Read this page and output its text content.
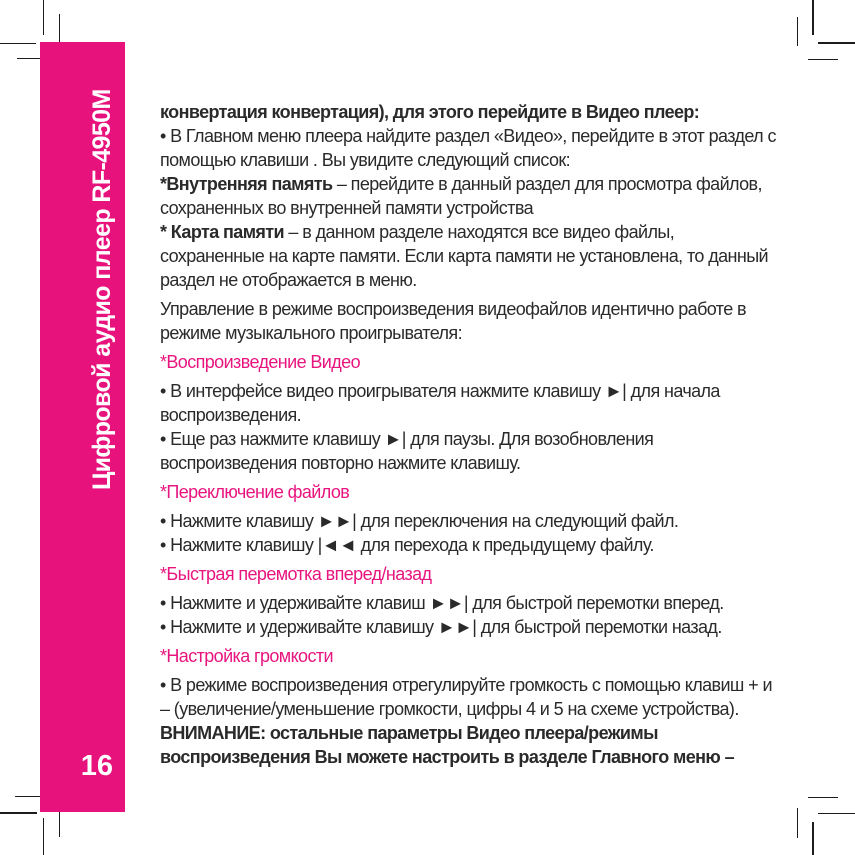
Цифровой аудио плеер RF-4950M
16
конвертация конвертация), для этого перейдите в Видео плеер:
• В Главном меню плеера найдите раздел «Видео», перейдите в этот раздел с
помощью клавиши . Вы увидите следующий список:
*Внутренняя память – перейдите в данный раздел для просмотра файлов,
сохраненных во внутренней памяти устройства
* Карта памяти – в данном разделе находятся все видео файлы,
сохраненные на карте памяти. Если карта памяти не установлена, то данный
раздел не отображается в меню.
Управление в режиме воспроизведения видеофайлов идентично работе в
режиме музыкального проигрывателя:
*Воспроизведение Видео
• В интерфейсе видео проигрывателя нажмите клавишу ►| для начала
воспроизведения.
• Еще раз нажмите клавишу ►| для паузы. Для возобновления
воспроизведения повторно нажмите клавишу.
*Переключение файлов
• Нажмите клавишу ►►| для переключения на следующий файл.
• Нажмите клавишу |◄◄ для перехода к предыдущему файлу.
*Быстрая перемотка вперед/назад
• Нажмите и удерживайте клавиш ►►| для быстрой перемотки вперед.
• Нажмите и удерживайте клавишу ►►| для быстрой перемотки назад.
*Настройка громкости
• В режиме воспроизведения отрегулируйте громкость с помощью клавиш + и
– (увеличение/уменьшение громкости, цифры 4 и 5 на схеме устройства).
ВНИМАНИЕ: остальные параметры Видео плеера/режимы
воспроизведения Вы можете настроить в разделе Главного меню –
